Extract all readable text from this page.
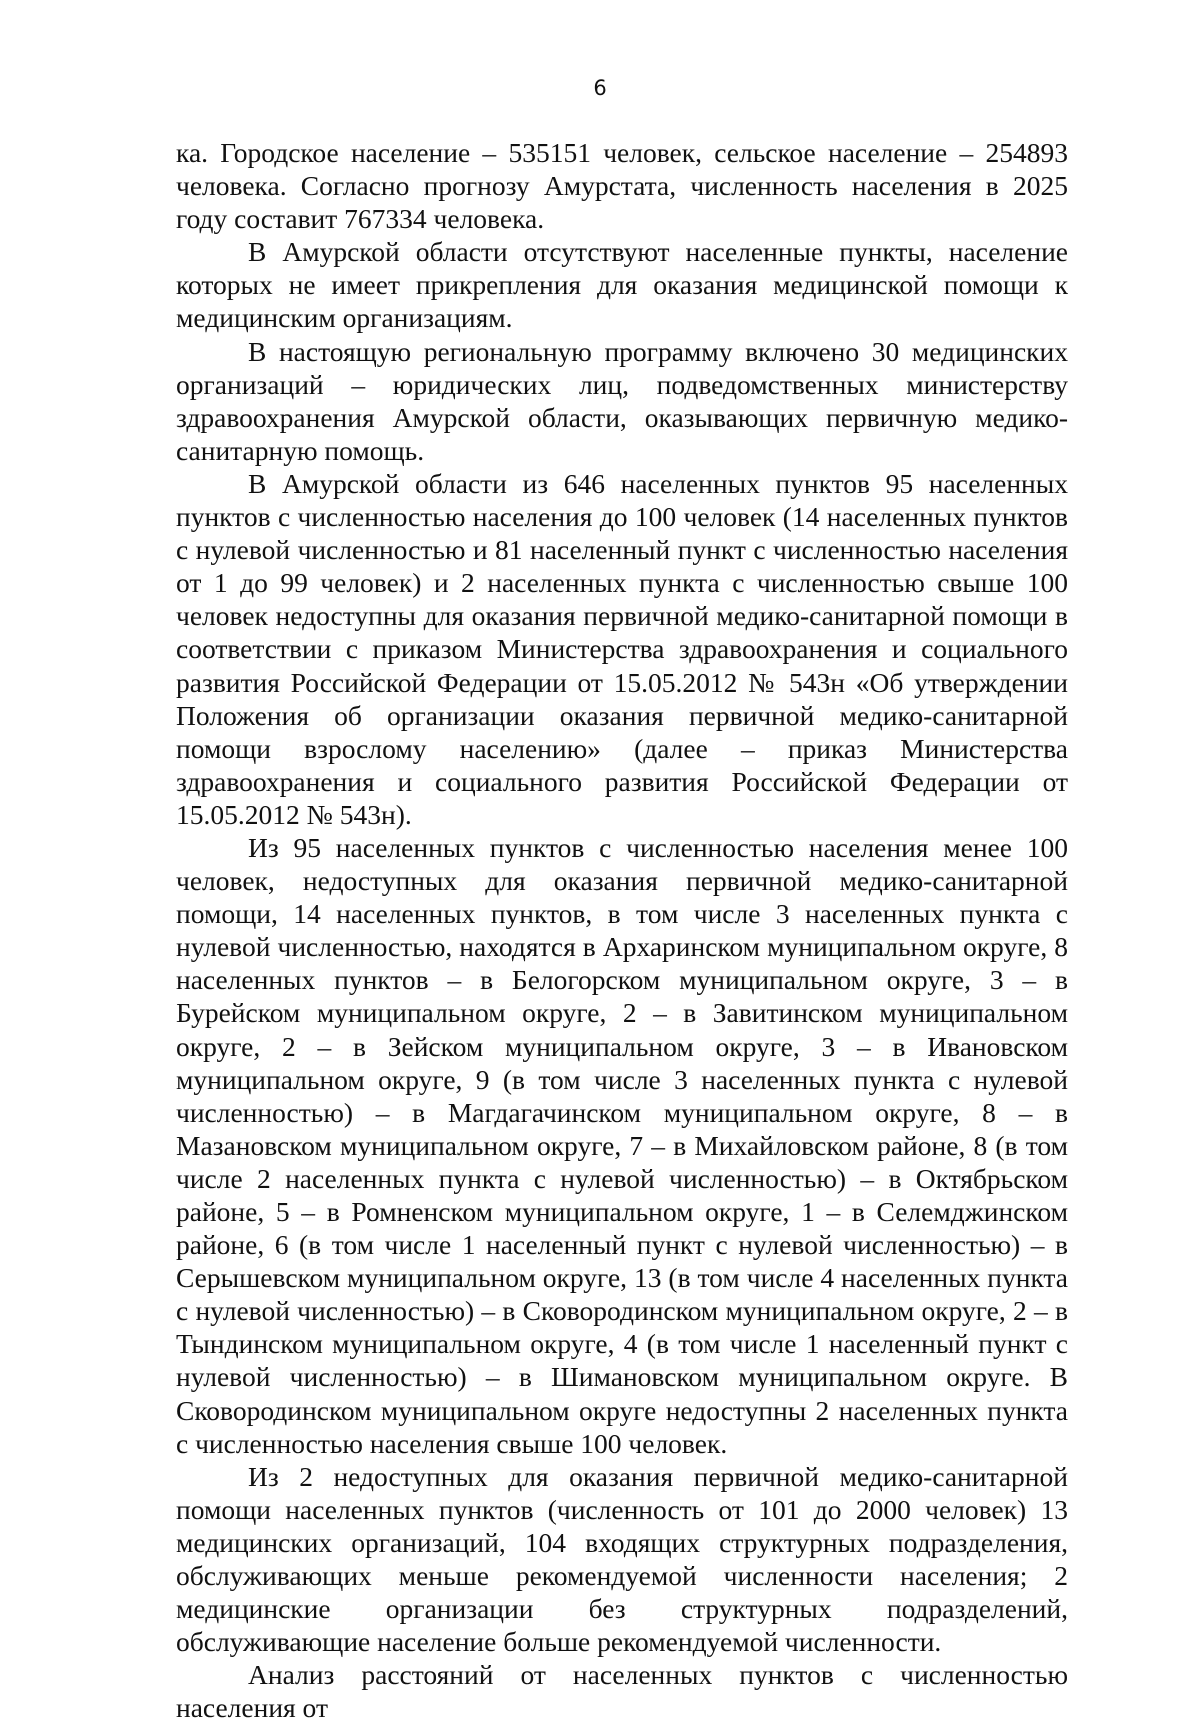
6

ка. Городское население – 535151 человек, сельское население – 254893 человека. Согласно прогнозу Амурстата, численность населения в 2025 году составит 767334 человека.

В Амурской области отсутствуют населенные пункты, население которых не имеет прикрепления для оказания медицинской помощи к медицинским организациям.

В настоящую региональную программу включено 30 медицинских организаций – юридических лиц, подведомственных министерству здравоохранения Амурской области, оказывающих первичную медико-санитарную помощь.

В Амурской области из 646 населенных пунктов 95 населенных пунктов с численностью населения до 100 человек (14 населенных пунктов с нулевой численностью и 81 населенный пункт с численностью населения от 1 до 99 человек) и 2 населенных пункта с численностью свыше 100 человек недоступны для оказания первичной медико-санитарной помощи в соответствии с приказом Министерства здравоохранения и социального развития Российской Федерации от 15.05.2012 № 543н «Об утверждении Положения об организации оказания первичной медико-санитарной помощи взрослому населению» (далее – приказ Министерства здравоохранения и социального развития Российской Федерации от 15.05.2012 № 543н).

Из 95 населенных пунктов с численностью населения менее 100 человек, недоступных для оказания первичной медико-санитарной помощи, 14 населенных пунктов, в том числе 3 населенных пункта с нулевой численностью, находятся в Архаринском муниципальном округе, 8 населенных пунктов – в Белогорском муниципальном округе, 3 – в Бурейском муниципальном округе, 2 – в Завитинском муниципальном округе, 2 – в Зейском муниципальном округе, 3 – в Ивановском муниципальном округе, 9 (в том числе 3 населенных пункта с нулевой численностью) – в Магдагачинском муниципальном округе, 8 – в Мазановском муниципальном округе, 7 – в Михайловском районе, 8 (в том числе 2 населенных пункта с нулевой численностью) – в Октябрьском районе, 5 – в Ромненском муниципальном округе, 1 – в Селемджинском районе, 6 (в том числе 1 населенный пункт с нулевой численностью) – в Серышевском муниципальном округе, 13 (в том числе 4 населенных пункта с нулевой численностью) – в Сковородинском муниципальном округе, 2 – в Тындинском муниципальном округе, 4 (в том числе 1 населенный пункт с нулевой численностью) – в Шимановском муниципальном округе. В Сковородинском муниципальном округе недоступны 2 населенных пункта с численностью населения свыше 100 человек.

Из 2 недоступных для оказания первичной медико-санитарной помощи населенных пунктов (численность от 101 до 2000 человек) 13 медицинских организаций, 104 входящих структурных подразделения, обслуживающих меньше рекомендуемой численности населения; 2 медицинские организации без структурных подразделений, обслуживающие население больше рекомендуемой численности.

Анализ расстояний от населенных пунктов с численностью населения от
